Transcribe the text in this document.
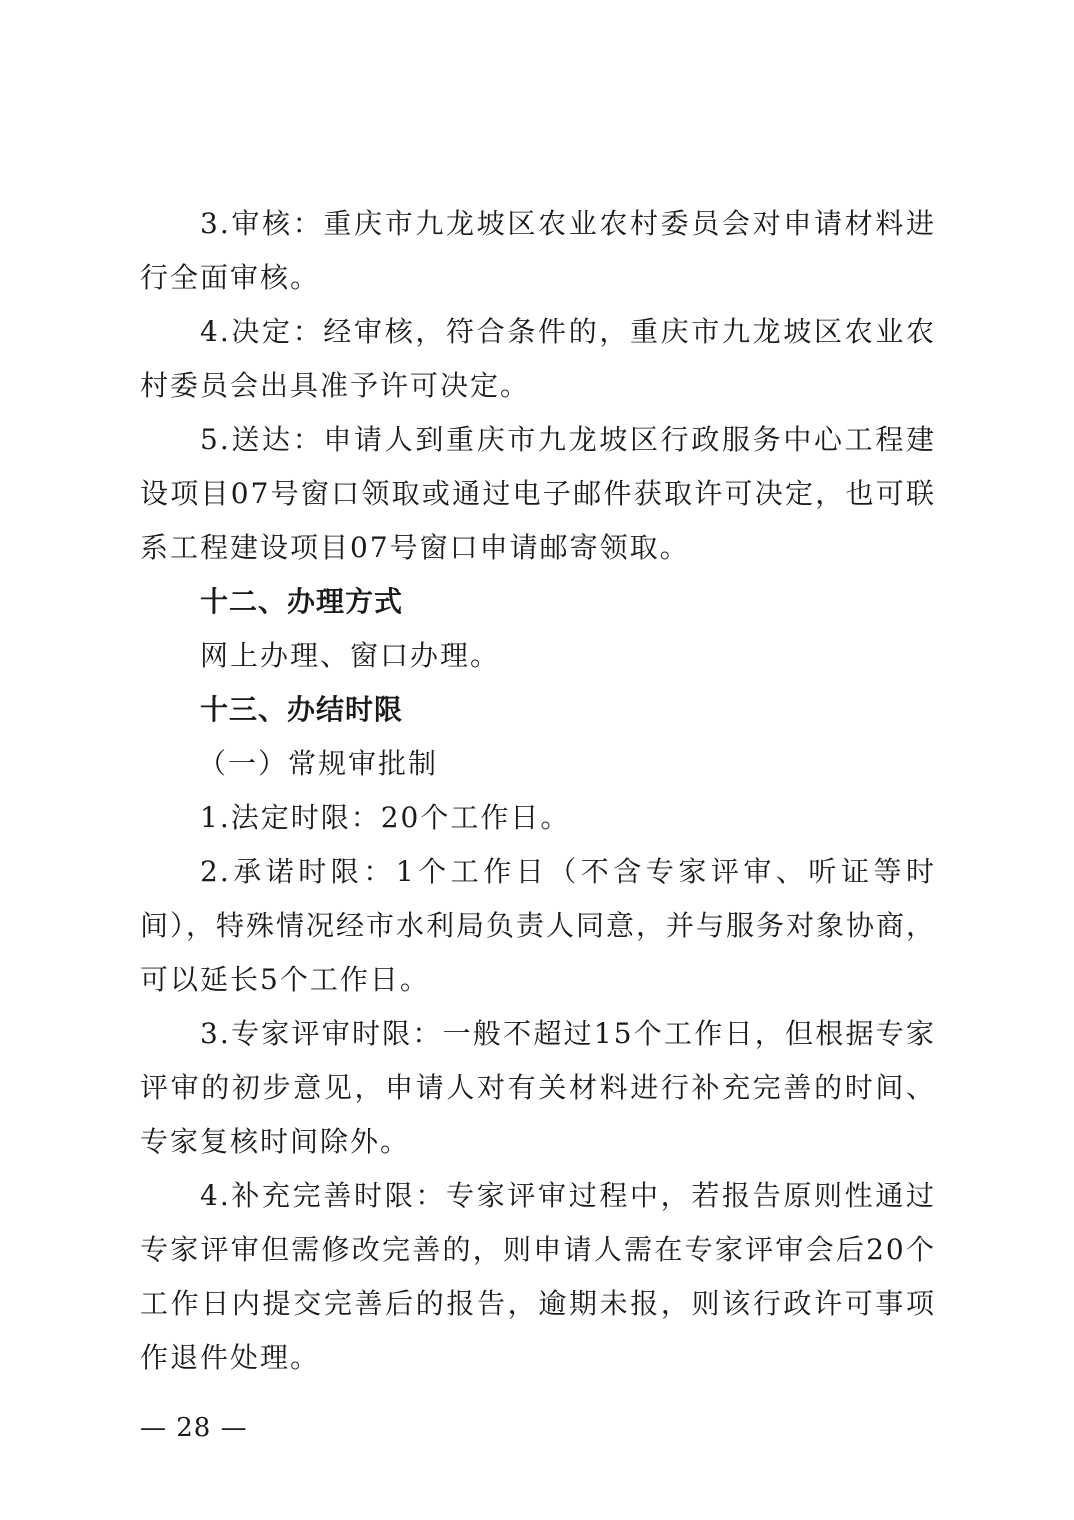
3.审核：重庆市九龙坡区农业农村委员会对申请材料进行全面审核。

4.决定：经审核，符合条件的，重庆市九龙坡区农业农村委员会出具准予许可决定。

5.送达：申请人到重庆市九龙坡区行政服务中心工程建设项目07号窗口领取或通过电子邮件获取许可决定，也可联系工程建设项目07号窗口申请邮寄领取。

十二、办理方式

网上办理、窗口办理。

十三、办结时限

（一）常规审批制

1.法定时限：20个工作日。

2.承诺时限：1个工作日（不含专家评审、听证等时间），特殊情况经市水利局负责人同意，并与服务对象协商，可以延长5个工作日。

3.专家评审时限：一般不超过15个工作日，但根据专家评审的初步意见，申请人对有关材料进行补充完善的时间、专家复核时间除外。

4.补充完善时限：专家评审过程中，若报告原则性通过专家评审但需修改完善的，则申请人需在专家评审会后20个工作日内提交完善后的报告，逾期未报，则该行政许可事项作退件处理。

— 28 —
